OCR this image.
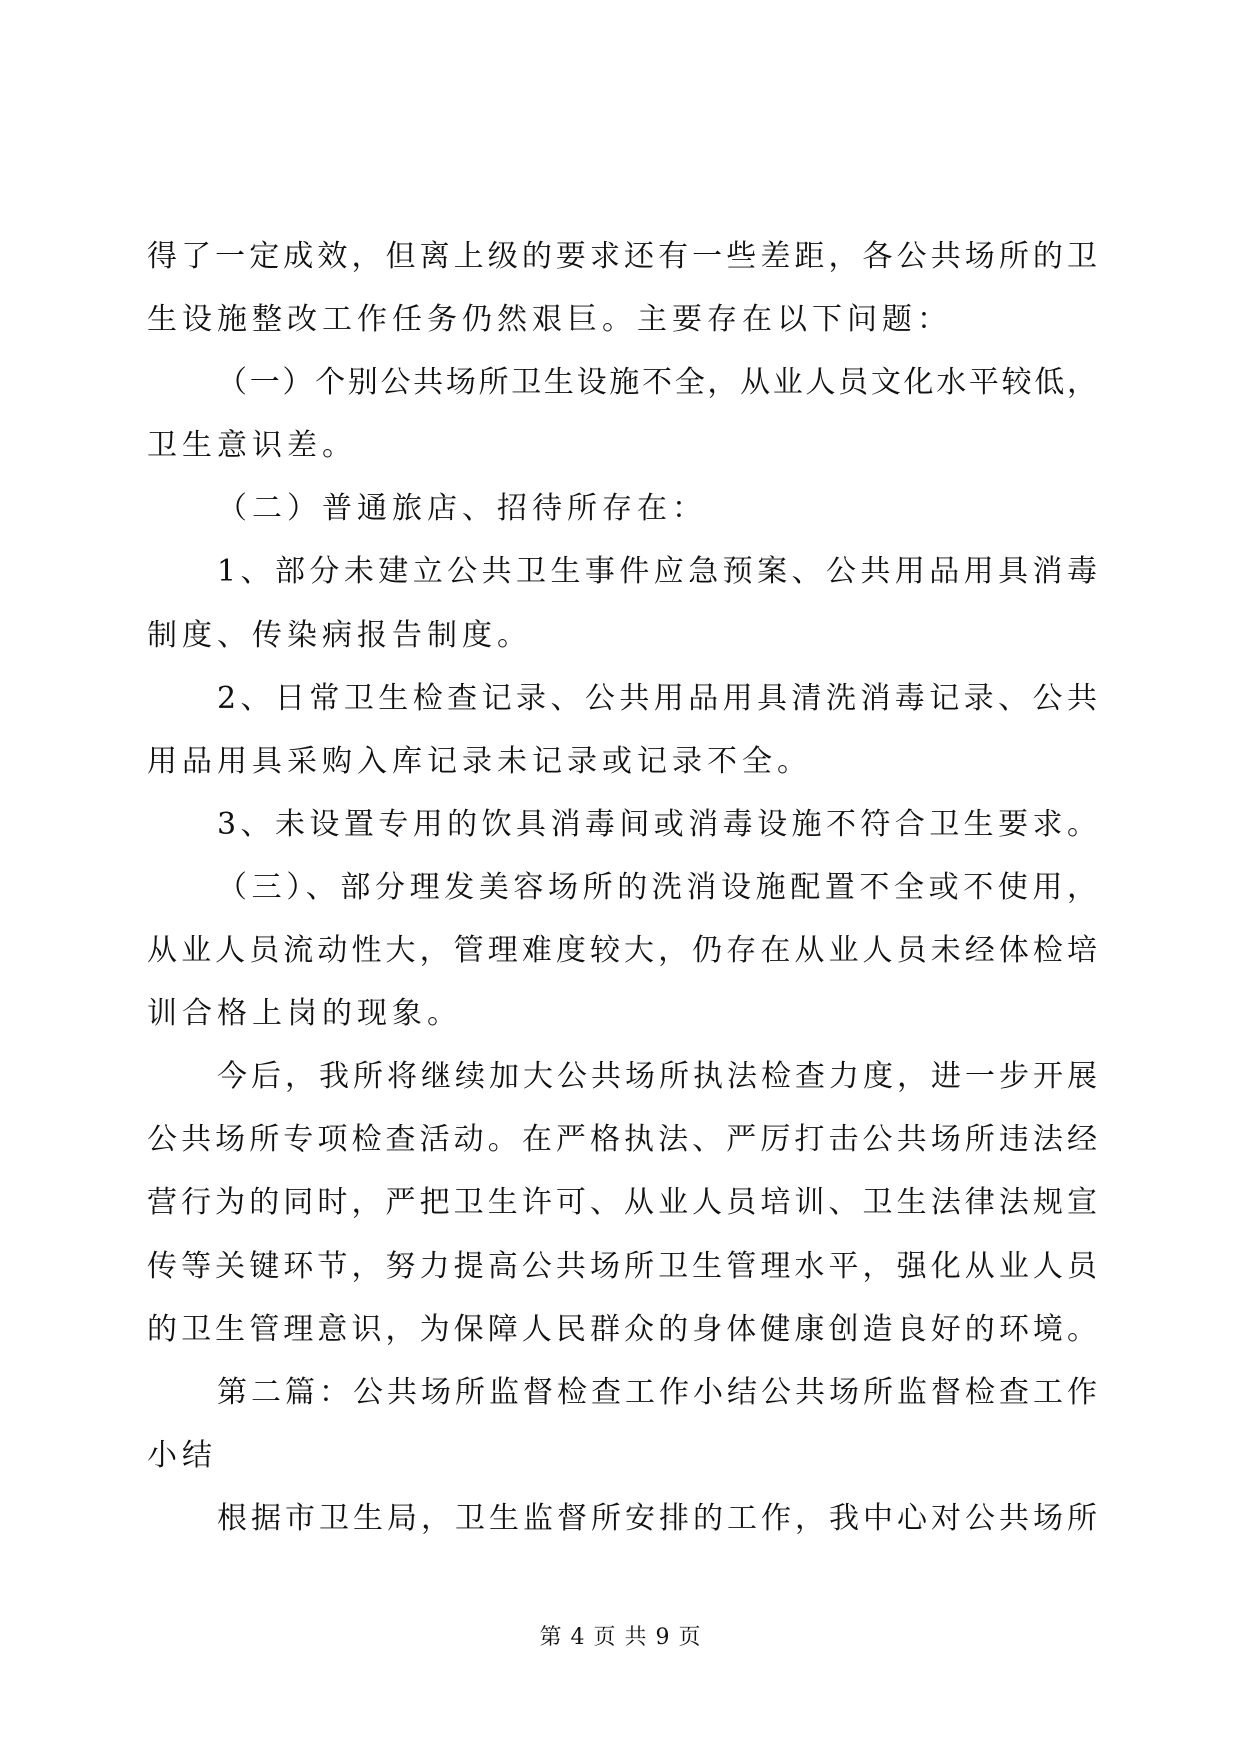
得了一定成效，但离上级的要求还有一些差距，各公共场所的卫
生设施整改工作任务仍然艰巨。主要存在以下问题：
（一）个别公共场所卫生设施不全，从业人员文化水平较低，
卫生意识差。
（二）普通旅店、招待所存在：
1、部分未建立公共卫生事件应急预案、公共用品用具消毒
制度、传染病报告制度。
2、日常卫生检查记录、公共用品用具清洗消毒记录、公共
用品用具采购入库记录未记录或记录不全。
3、未设置专用的饮具消毒间或消毒设施不符合卫生要求。
（三）、部分理发美容场所的洗消设施配置不全或不使用，
从业人员流动性大，管理难度较大，仍存在从业人员未经体检培
训合格上岗的现象。
今后，我所将继续加大公共场所执法检查力度，进一步开展
公共场所专项检查活动。在严格执法、严厉打击公共场所违法经
营行为的同时，严把卫生许可、从业人员培训、卫生法律法规宣
传等关键环节，努力提高公共场所卫生管理水平，强化从业人员
的卫生管理意识，为保障人民群众的身体健康创造良好的环境。
第二篇：公共场所监督检查工作小结公共场所监督检查工作
小结
根据市卫生局，卫生监督所安排的工作，我中心对公共场所
第 4 页 共 9 页
